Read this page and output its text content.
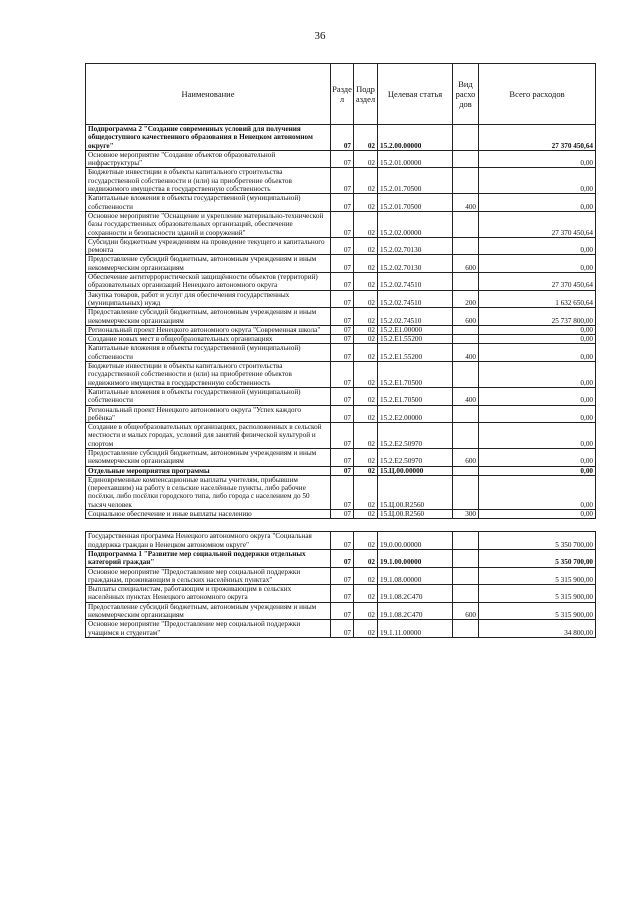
36
Наименование	Разде л	Подр аздел	Целевая статья	Вид расхо дов	Всего расходов
Подпрограмма 2 "Создание современных условий для получения общедоступного качественного образования в Ненецком автономном округе"	07	02	15.2.00.00000		27 370 450,64
Основное мероприятие "Создание объектов образовательной инфраструктуры"	07	02	15.2.01.00000		0,00
Бюджетные инвестиции в объекты капитального строительства государственной собственности и (или) на приобретение объектов недвижимого имущества в государственную собственность	07	02	15.2.01.70500		0,00
Капитальные вложения в объекты государственной (муниципальной) собственности	07	02	15.2.01.70500	400	0,00
Основное мероприятие "Оснащение и укрепление материально-технической базы государственных образовательных организаций, обеспечение сохранности и безопасности зданий и сооружений"	07	02	15.2.02.00000		27 370 450,64
Субсидии бюджетным учреждениям на проведение текущего и капитального ремонта	07	02	15.2.02.70130		0,00
Предоставление субсидий бюджетным, автономным учреждениям и иным некоммерческим организациям	07	02	15.2.02.70130	600	0,00
Обеспечение антитеррористической защищённости объектов (территорий) образовательных организаций Ненецкого автономного округа	07	02	15.2.02.74510		27 370 450,64
Закупка товаров, работ и услуг для обеспечения государственных (муниципальных) нужд	07	02	15.2.02.74510	200	1 632 650,64
Предоставление субсидий бюджетным, автономным учреждениям и иным некоммерческим организациям	07	02	15.2.02.74510	600	25 737 800,00
Региональный проект Ненецкого автономного округа "Современная школа"	07	02	15.2.E1.00000		0,00
Создание новых мест в общеобразовательных организациях	07	02	15.2.E1.55200		0,00
Капитальные вложения в объекты государственной (муниципальной) собственности	07	02	15.2.E1.55200	400	0,00
Бюджетные инвестиции в объекты капитального строительства государственной собственности и (или) на приобретение объектов недвижимого имущества в государственную собственность	07	02	15.2.E1.70500		0,00
Капитальные вложения в объекты государственной (муниципальной) собственности	07	02	15.2.E1.70500	400	0,00
Региональный проект Ненецкого автономного округа "Успех каждого ребёнка"	07	02	15.2.E2.00000		0,00
Создание в общеобразовательных организациях, расположенных в сельской местности и малых городах, условий для занятий физической культурой и спортом	07	02	15.2.E2.50970		0,00
Предоставление субсидий бюджетным, автономным учреждениям и иным некоммерческим организациям	07	02	15.2.E2.50970	600	0,00
Отдельные мероприятия программы	07	02	15.Ц.00.00000		0,00
Единовременные компенсационные выплаты учителям, прибывшим (переехавшим) на работу в сельские населённые пункты, либо рабочие посёлки, либо посёлки городского типа, либо города с населением до 50 тысяч человек	07	02	15.Ц.00.R2560		0,00
Социальное обеспечение и иные выплаты населению	07	02	15.Ц.00.R2560	300	0,00

Государственная программа Ненецкого автономного округа "Социальная поддержка граждан в Ненецком автономном округе"	07	02	19.0.00.00000		5 350 700,00
Подпрограмма 1 "Развитие мер социальной поддержки отдельных категорий граждан"	07	02	19.1.00.00000		5 350 700,00
Основное мероприятие "Предоставление мер социальной поддержки гражданам, проживающим в сельских населённых пунктах"	07	02	19.1.08.00000		5 315 900,00
Выплаты специалистам, работающим и проживающим в сельских населённых пунктах Ненецкого автономного округа	07	02	19.1.08.2С470		5 315 900,00
Предоставление субсидий бюджетным, автономным учреждениям и иным некоммерческим организациям	07	02	19.1.08.2С470	600	5 315 900,00
Основное мероприятие "Предоставление мер социальной поддержки учащимся и студентам"	07	02	19.1.11.00000		34 800,00
